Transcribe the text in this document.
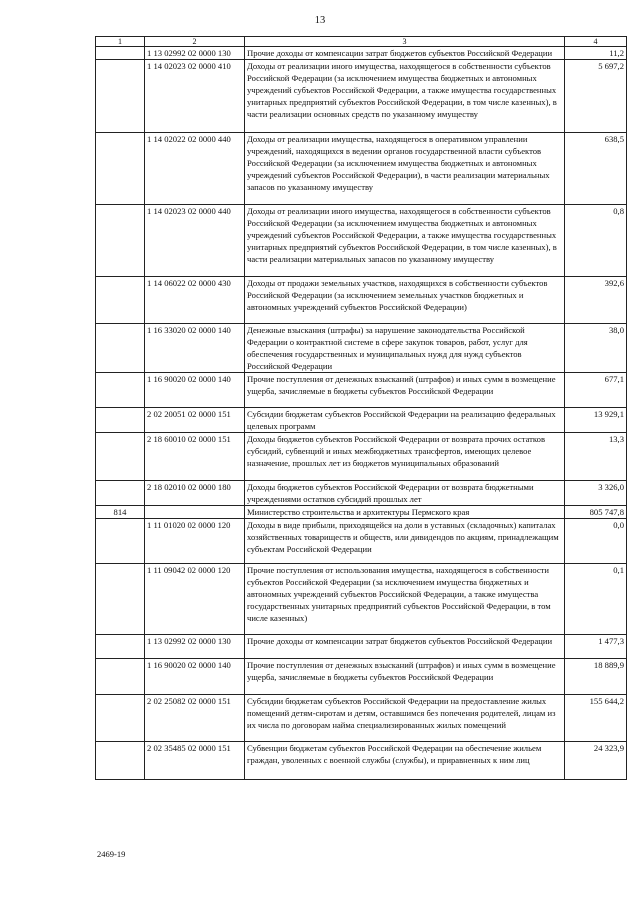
13
1	2	3	4
	1 13 02992 02 0000 130	Прочие доходы от компенсации затрат бюджетов субъектов Российской Федерации	11,2
	1 14 02023 02 0000 410	Доходы от реализации иного имущества, находящегося в собственности субъектов Российской Федерации (за исключением имущества бюджетных и автономных учреждений субъектов Российской Федерации, а также имущества государственных унитарных предприятий субъектов Российской Федерации, в том числе казенных), в части реализации основных средств по указанному имуществу	5 697,2
	1 14 02022 02 0000 440	Доходы от реализации имущества, находящегося в оперативном управлении учреждений, находящихся в ведении органов государственной власти субъектов Российской Федерации (за исключением имущества бюджетных и автономных учреждений субъектов Российской Федерации), в части реализации материальных запасов по указанному имуществу	638,5
	1 14 02023 02 0000 440	Доходы от реализации иного имущества, находящегося в собственности субъектов Российской Федерации (за исключением имущества бюджетных и автономных учреждений субъектов Российской Федерации, а также имущества государственных унитарных предприятий субъектов Российской Федерации, в том числе казенных), в части реализации материальных запасов по указанному имуществу	0,8
	1 14 06022 02 0000 430	Доходы от продажи земельных участков, находящихся в собственности субъектов Российской Федерации (за исключением земельных участков бюджетных и автономных учреждений субъектов Российской Федерации)	392,6
	1 16 33020 02 0000 140	Денежные взыскания (штрафы) за нарушение законодательства Российской Федерации о контрактной системе в сфере закупок товаров, работ, услуг для обеспечения государственных и муниципальных нужд для нужд субъектов Российской Федерации	38,0
	1 16 90020 02 0000 140	Прочие поступления от денежных взысканий (штрафов) и иных сумм в возмещение ущерба, зачисляемые в бюджеты субъектов Российской Федерации	677,1
	2 02 20051 02 0000 151	Субсидии бюджетам субъектов Российской Федерации на реализацию федеральных целевых программ	13 929,1
	2 18 60010 02 0000 151	Доходы бюджетов субъектов Российской Федерации от возврата прочих остатков субсидий, субвенций и иных межбюджетных трансфертов, имеющих целевое назначение, прошлых лет из бюджетов муниципальных образований	13,3
	2 18 02010 02 0000 180	Доходы бюджетов субъектов Российской Федерации от возврата бюджетными учреждениями остатков субсидий прошлых лет	3 326,0
814		Министерство строительства и архитектуры Пермского края	805 747,8
	1 11 01020 02 0000 120	Доходы в виде прибыли, приходящейся на доли в уставных (складочных) капиталах хозяйственных товариществ и обществ, или дивидендов по акциям, принадлежащим субъектам Российской Федерации	0,0
	1 11 09042 02 0000 120	Прочие поступления от использования имущества, находящегося в собственности субъектов Российской Федерации (за исключением имущества бюджетных и автономных учреждений субъектов Российской Федерации, а также имущества государственных унитарных предприятий субъектов Российской Федерации, в том числе казенных)	0,1
	1 13 02992 02 0000 130	Прочие доходы от компенсации затрат бюджетов субъектов Российской Федерации	1 477,3
	1 16 90020 02 0000 140	Прочие поступления от денежных взысканий (штрафов) и иных сумм в возмещение ущерба, зачисляемые в бюджеты субъектов Российской Федерации	18 889,9
	2 02 25082 02 0000 151	Субсидии бюджетам субъектов Российской Федерации на предоставление жилых помещений детям-сиротам и детям, оставшимся без попечения родителей, лицам из их числа по договорам найма специализированных жилых помещений	155 644,2
	2 02 35485 02 0000 151	Субвенции бюджетам субъектов Российской Федерации на обеспечение жильем граждан, уволенных с военной службы (службы), и приравненных к ним лиц	24 323,9
2469-19
